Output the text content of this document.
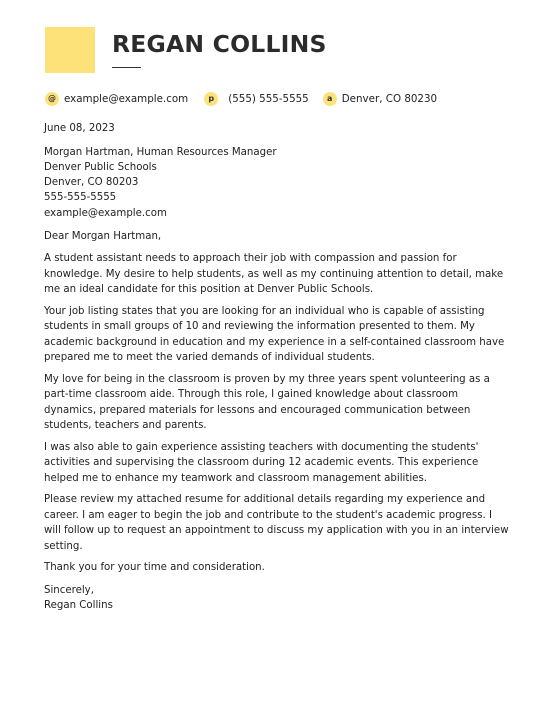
REGAN COLLINS
@ example@example.com	p	(555) 555-5555	a Denver, CO 80230

June 08, 2023

Morgan Hartman, Human Resources Manager
Denver Public Schools
Denver, CO 80203
555-555-5555
example@example.com

Dear Morgan Hartman,

A student assistant needs to approach their job with compassion and passion for knowledge. My desire to help students, as well as my continuing attention to detail, make me an ideal candidate for this position at Denver Public Schools.

Your job listing states that you are looking for an individual who is capable of assisting students in small groups of 10 and reviewing the information presented to them. My academic background in education and my experience in a self-contained classroom have prepared me to meet the varied demands of individual students.

My love for being in the classroom is proven by my three years spent volunteering as a part-time classroom aide. Through this role, I gained knowledge about classroom dynamics, prepared materials for lessons and encouraged communication between students, teachers and parents.

I was also able to gain experience assisting teachers with documenting the students' activities and supervising the classroom during 12 academic events. This experience helped me to enhance my teamwork and classroom management abilities.

Please review my attached resume for additional details regarding my experience and career. I am eager to begin the job and contribute to the student's academic progress. I will follow up to request an appointment to discuss my application with you in an interview setting.

Thank you for your time and consideration.

Sincerely,
Regan Collins
